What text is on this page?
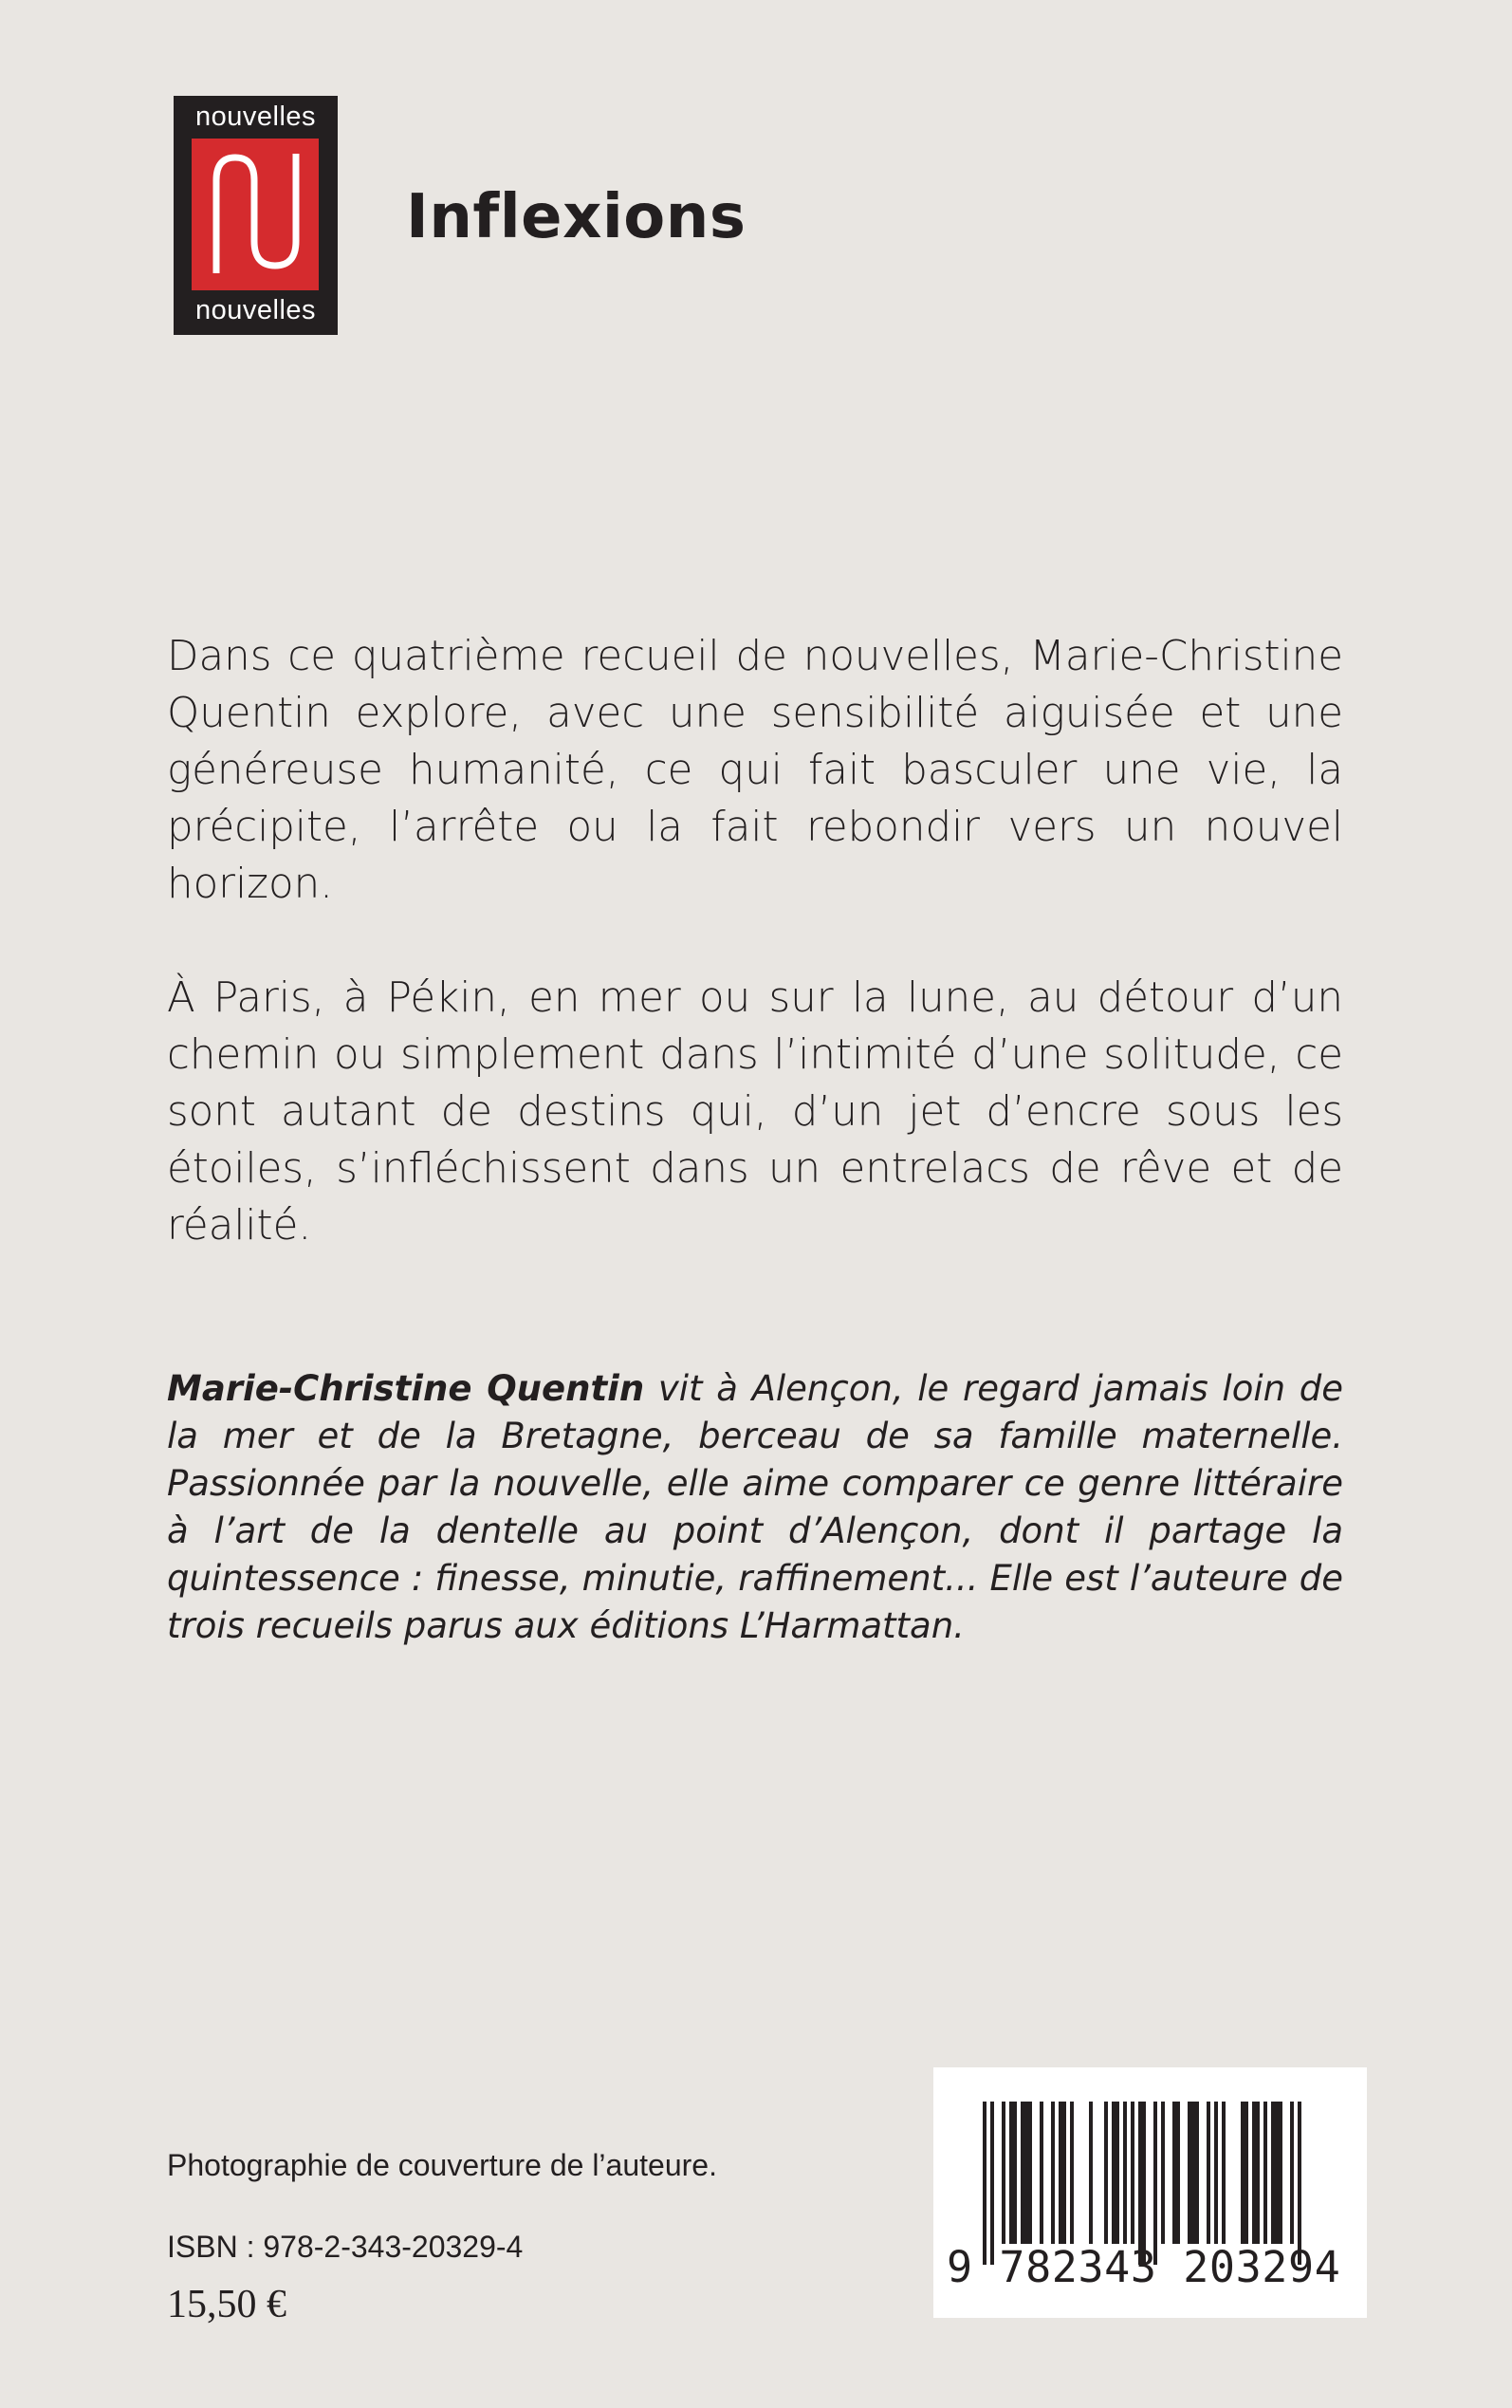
nouvelles
nouvelles
Inflexions

Dans ce quatrième recueil de nouvelles, Marie-Christine Quentin explore, avec une sensibilité aiguisée et une généreuse humanité, ce qui fait basculer une vie, la précipite, l’arrête ou la fait rebondir vers un nouvel horizon.

À Paris, à Pékin, en mer ou sur la lune, au détour d’un chemin ou simplement dans l’intimité d’une solitude, ce sont autant de destins qui, d’un jet d’encre sous les étoiles, s’infléchissent dans un entrelacs de rêve et de réalité.

Marie-Christine Quentin vit à Alençon, le regard jamais loin de la mer et de la Bretagne, berceau de sa famille maternelle. Passionnée par la nouvelle, elle aime comparer ce genre littéraire à l’art de la dentelle au point d’Alençon, dont il partage la quintessence : finesse, minutie, raffinement... Elle est l’auteure de trois recueils parus aux éditions L’Harmattan.
Photographie de couverture de l’auteure.
ISBN : 978-2-343-20329-4
15,50 €
9 782343 203294
